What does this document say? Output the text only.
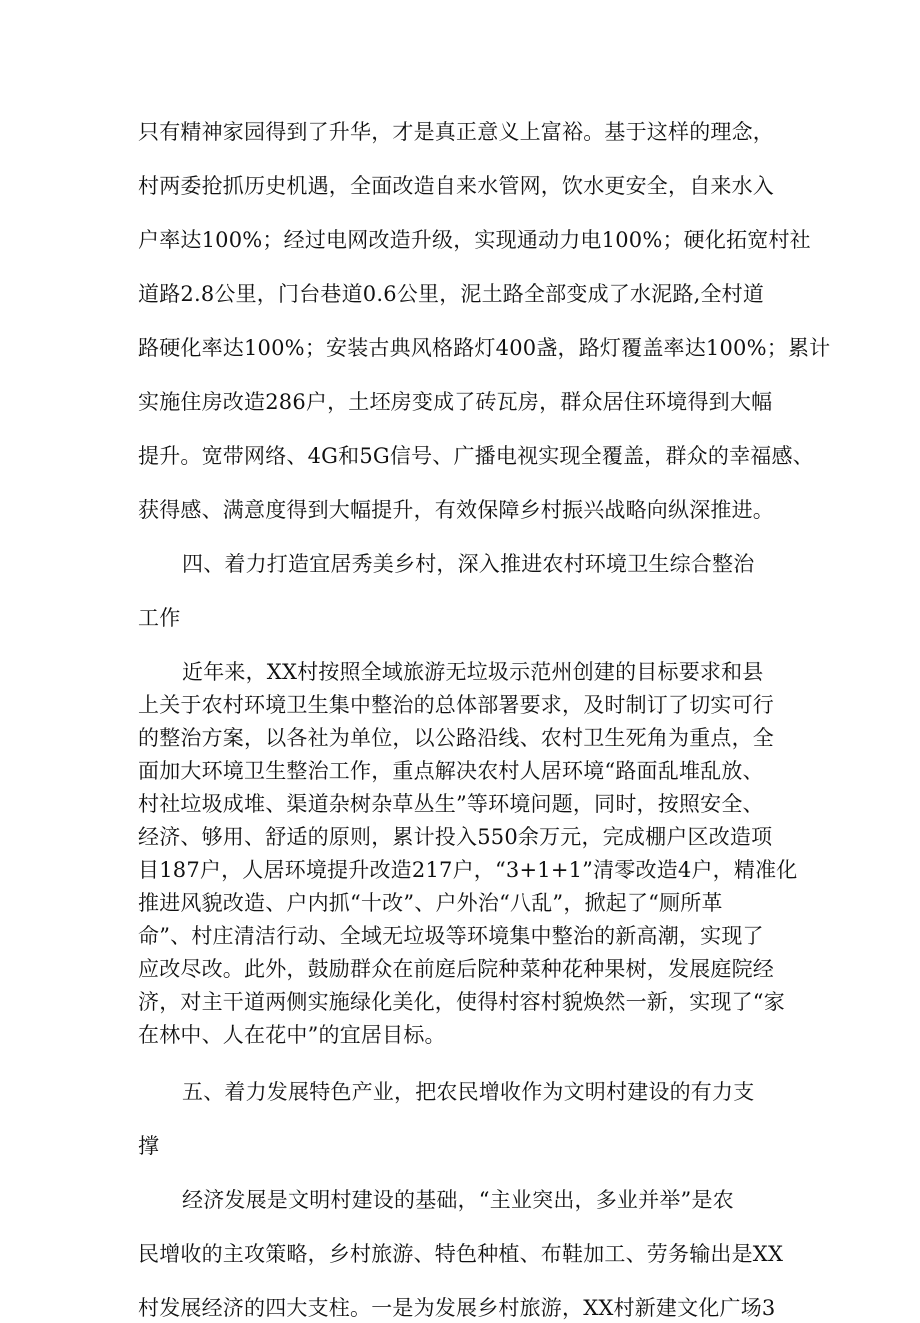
只有精神家园得到了升华，才是真正意义上富裕。基于这样的理念，
村两委抢抓历史机遇，全面改造自来水管网，饮水更安全，自来水入
户率达100%；经过电网改造升级，实现通动力电100%；硬化拓宽村社
道路2.8公里，门台巷道0.6公里，泥土路全部变成了水泥路,全村道
路硬化率达100%；安装古典风格路灯400盏，路灯覆盖率达100%；累计
实施住房改造286户，土坯房变成了砖瓦房，群众居住环境得到大幅
提升。宽带网络、4G和5G信号、广播电视实现全覆盖，群众的幸福感、
获得感、满意度得到大幅提升，有效保障乡村振兴战略向纵深推进。
四、着力打造宜居秀美乡村，深入推进农村环境卫生综合整治
工作
近年来，XX村按照全域旅游无垃圾示范州创建的目标要求和县
上关于农村环境卫生集中整治的总体部署要求，及时制订了切实可行
的整治方案，以各社为单位，以公路沿线、农村卫生死角为重点，全
面加大环境卫生整治工作，重点解决农村人居环境“路面乱堆乱放、
村社垃圾成堆、渠道杂树杂草丛生”等环境问题，同时，按照安全、
经济、够用、舒适的原则，累计投入550余万元，完成棚户区改造项
目187户，人居环境提升改造217户，“3+1+1”清零改造4户，精准化
推进风貌改造、户内抓“十改”、户外治“八乱”，掀起了“厕所革
命”、村庄清洁行动、全域无垃圾等环境集中整治的新高潮，实现了
应改尽改。此外，鼓励群众在前庭后院种菜种花种果树，发展庭院经
济，对主干道两侧实施绿化美化，使得村容村貌焕然一新，实现了“家
在林中、人在花中”的宜居目标。
五、着力发展特色产业，把农民增收作为文明村建设的有力支
撑
经济发展是文明村建设的基础，“主业突出，多业并举”是农
民增收的主攻策略，乡村旅游、特色种植、布鞋加工、劳务输出是XX
村发展经济的四大支柱。一是为发展乡村旅游，XX村新建文化广场3
